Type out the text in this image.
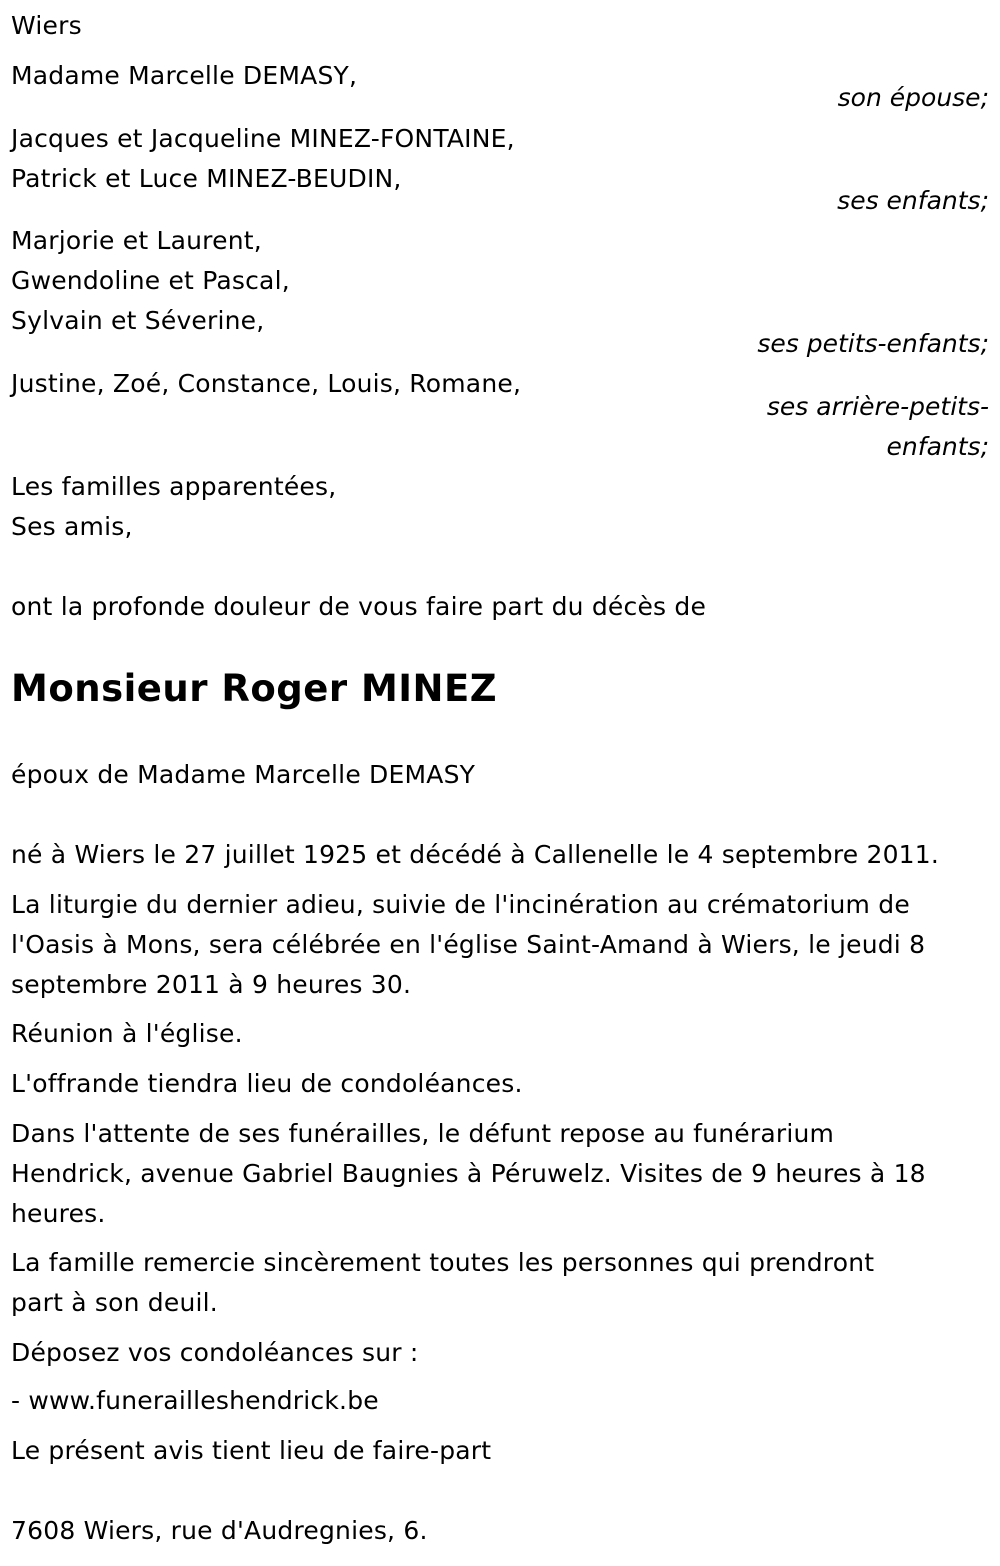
Wiers
Madame Marcelle DEMASY,
son épouse;
Jacques et Jacqueline MINEZ-FONTAINE,
Patrick et Luce MINEZ-BEUDIN,
ses enfants;
Marjorie et Laurent,
Gwendoline et Pascal,
Sylvain et Séverine,
ses petits-enfants;
Justine, Zoé, Constance, Louis, Romane,
ses arrière-petits-
enfants;
Les familles apparentées,
Ses amis,
ont la profonde douleur de vous faire part du décès de
Monsieur Roger MINEZ
époux de Madame Marcelle DEMASY
né à Wiers le 27 juillet 1925 et décédé à Callenelle le 4 septembre 2011.
La liturgie du dernier adieu, suivie de l'incinération au crématorium de
l'Oasis à Mons, sera célébrée en l'église Saint-Amand à Wiers, le jeudi 8
septembre 2011 à 9 heures 30.
Réunion à l'église.
L'offrande tiendra lieu de condoléances.
Dans l'attente de ses funérailles, le défunt repose au funérarium
Hendrick, avenue Gabriel Baugnies à Péruwelz. Visites de 9 heures à 18
heures.
La famille remercie sincèrement toutes les personnes qui prendront
part à son deuil.
Déposez vos condoléances sur :
- www.funerailleshendrick.be
Le présent avis tient lieu de faire-part
7608 Wiers, rue d'Audregnies, 6.
